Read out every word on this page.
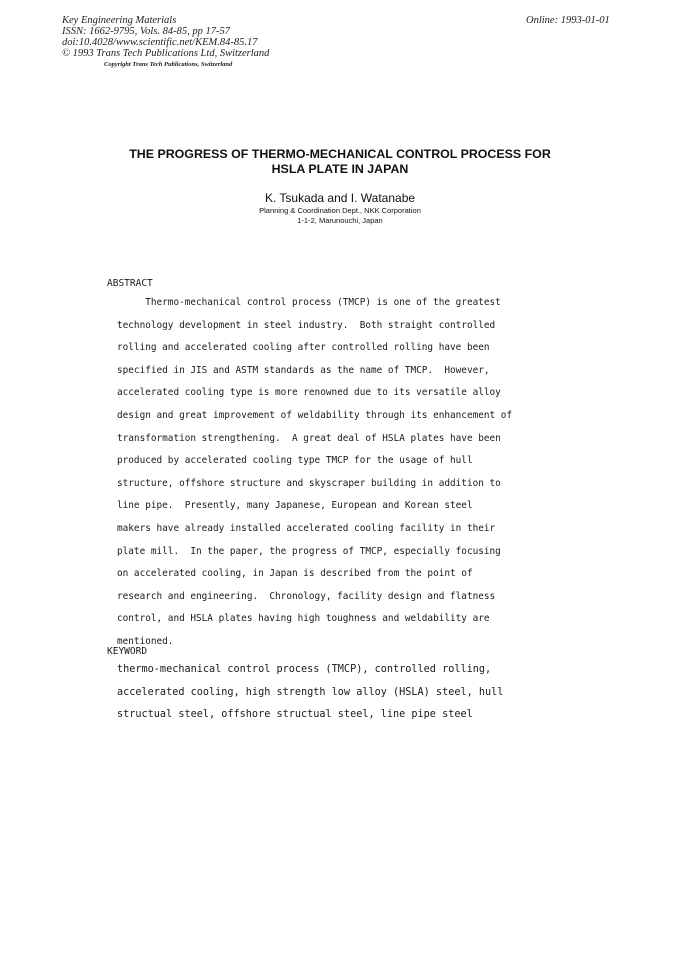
Key Engineering Materials
ISSN: 1662-9795, Vols. 84-85, pp 17-57
doi:10.4028/www.scientific.net/KEM.84-85.17
© 1993 Trans Tech Publications Ltd, Switzerland
Copyright Trans Tech Publications, Switzerland
Online: 1993-01-01
THE PROGRESS OF THERMO-MECHANICAL CONTROL PROCESS FOR
HSLA PLATE IN JAPAN
K. Tsukada and I. Watanabe
Planning & Coordination Dept., NKK Corporation
1-1-2, Marunouchi, Japan
ABSTRACT
Thermo-mechanical control process (TMCP) is one of the greatest
technology development in steel industry.  Both straight controlled
rolling and accelerated cooling after controlled rolling have been
specified in JIS and ASTM standards as the name of TMCP.  However,
accelerated cooling type is more renowned due to its versatile alloy
design and great improvement of weldability through its enhancement of
transformation strengthening.  A great deal of HSLA plates have been
produced by accelerated cooling type TMCP for the usage of hull
structure, offshore structure and skyscraper building in addition to
line pipe.  Presently, many Japanese, European and Korean steel
makers have already installed accelerated cooling facility in their
plate mill.  In the paper, the progress of TMCP, especially focusing
on accelerated cooling, in Japan is described from the point of
research and engineering.  Chronology, facility design and flatness
control, and HSLA plates having high toughness and weldability are
mentioned.
KEYWORD
thermo-mechanical control process (TMCP), controlled rolling,
accelerated cooling, high strength low alloy (HSLA) steel, hull
structual steel, offshore structual steel, line pipe steel
